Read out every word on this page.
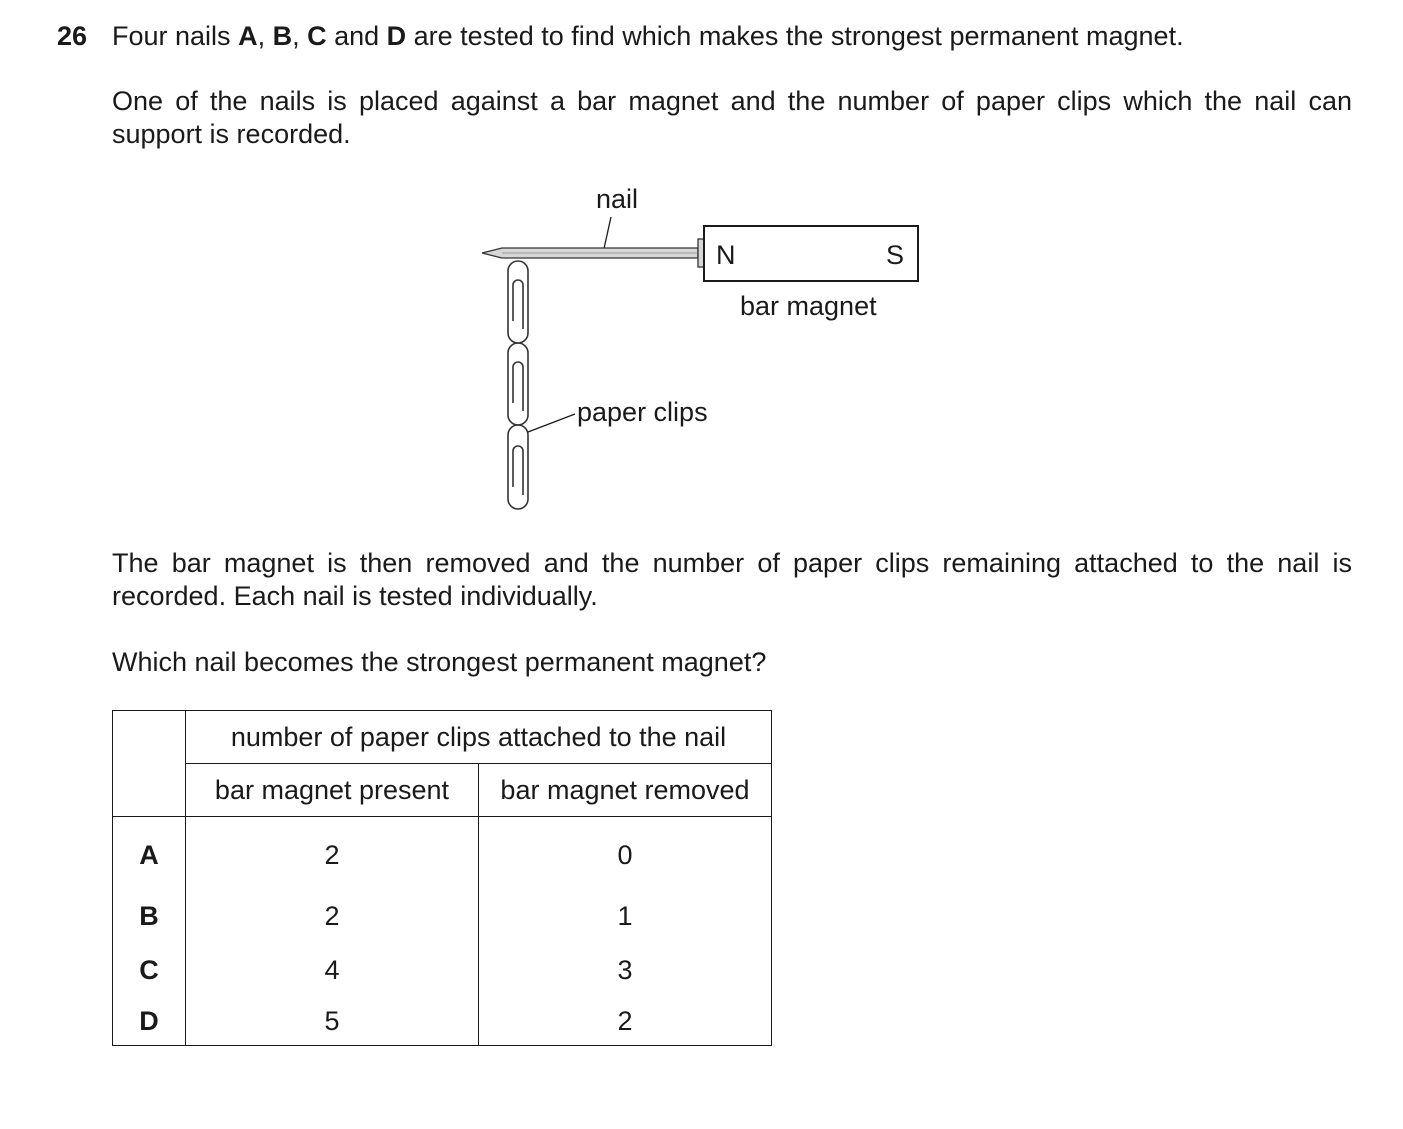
26 Four nails A, B, C and D are tested to find which makes the strongest permanent magnet.
One of the nails is placed against a bar magnet and the number of paper clips which the nail can support is recorded.
nail
N	S
bar magnet
paper clips
The bar magnet is then removed and the number of paper clips remaining attached to the nail is recorded. Each nail is tested individually.
Which nail becomes the strongest permanent magnet?
	number of paper clips attached to the nail	
	bar magnet present	bar magnet removed
A	2	0
B	2	1
C	4	3
D	5	2
